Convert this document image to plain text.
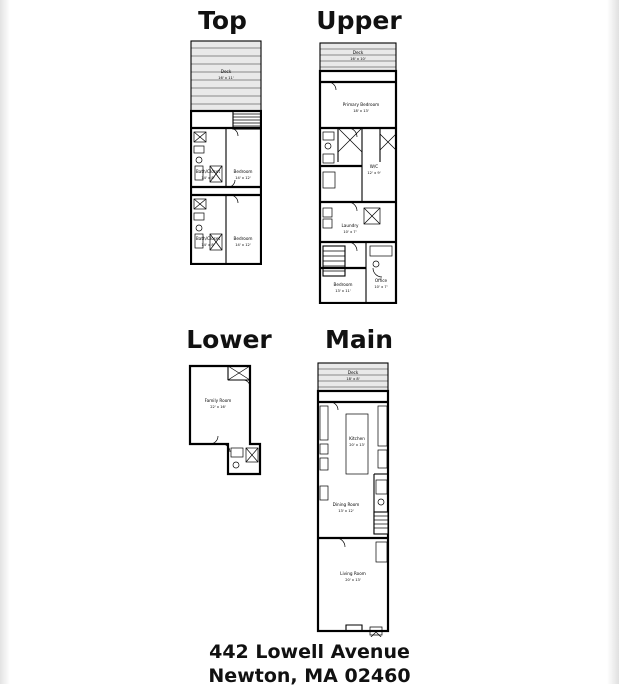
Top	Upper
Lower	Main
Deck
16' x 11'
Bath/Closet
14' x 8'
Bedroom
14' x 12'
Bath/Closet
14' x 8'
Bedroom
14' x 12'
Deck
16' x 10'
Primary Bedroom
18' x 13'
W/C
12' x 9'
Laundry
10' x 7'
Bedroom
13' x 11'
Office
10' x 7'
Family Room
22' x 16'
Deck
18' x 8'
Kitchen
20' x 13'
Dining Room
13' x 12'
Living Room
20' x 13'
442 Lowell Avenue
Newton, MA 02460
